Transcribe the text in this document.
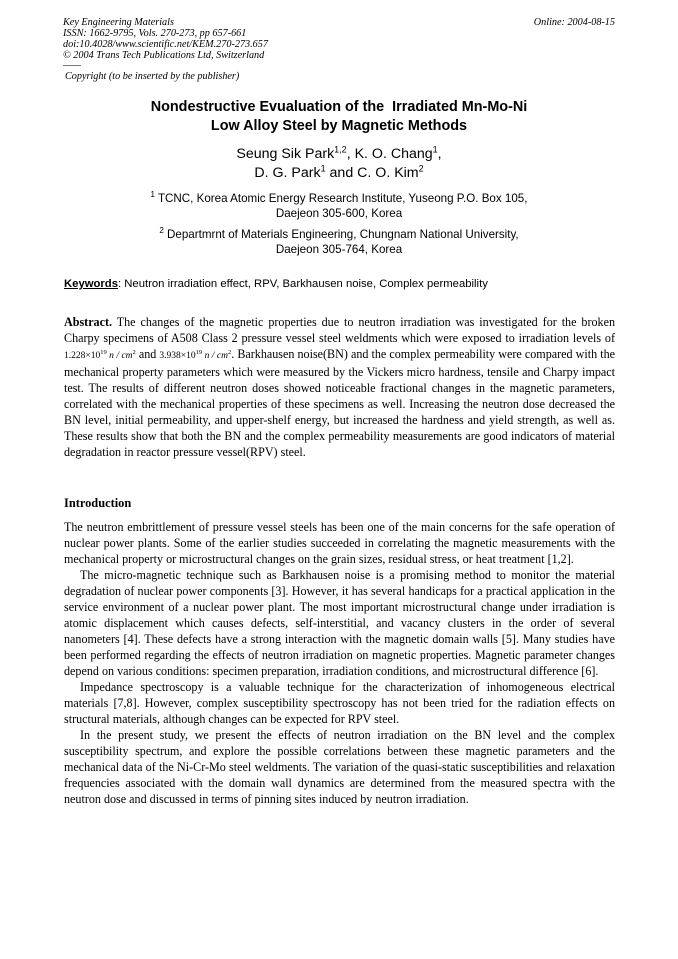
Key Engineering Materials
ISSN: 1662-9795, Vols. 270-273, pp 657-661
doi:10.4028/www.scientific.net/KEM.270-273.657
© 2004 Trans Tech Publications Ltd, Switzerland
Online: 2004-08-15
Copyright (to be inserted by the publisher)
Nondestructive Evualuation of the  Irradiated Mn-Mo-Ni
Low Alloy Steel by Magnetic Methods
Seung Sik Park$^{1,2}$, K. O. Chang$^1$,
D. G. Park$^1$ and C. O. Kim$^2$
$^1$ TCNC, Korea Atomic Energy Research Institute, Yuseong P.O. Box 105,
Daejeon 305-600, Korea
$^2$ Departmrnt of Materials Engineering, Chungnam National University,
Daejeon 305-764, Korea
Keywords: Neutron irradiation effect, RPV, Barkhausen noise, Complex permeability
Abstract. The changes of the magnetic properties due to neutron irradiation was investigated for the broken Charpy specimens of A508 Class 2 pressure vessel steel weldments which were exposed to irradiation levels of $1.228\times 10^{19}$ n / $cm^2$ and $3.938\times 10^{19}$ n / $cm^2$. Barkhausen noise(BN) and the complex permeability were compared with the mechanical property parameters which were measured by the Vickers micro hardness, tensile and Charpy impact test. The results of different neutron doses showed noticeable fractional changes in the magnetic parameters, correlated with the mechanical properties of these specimens as well. Increasing the neutron dose decreased the BN level, initial permeability, and upper-shelf energy, but increased the hardness and yield strength, as well as. These results show that both the BN and the complex permeability measurements are good indicators of material degradation in reactor pressure vessel(RPV) steel.
Introduction

The neutron embrittlement of pressure vessel steels has been one of the main concerns for the safe operation of nuclear power plants. Some of the earlier studies succeeded in correlating the magnetic measurements with the mechanical property or microstructural changes on the grain sizes, residual stress, or heat treatment [1,2].

The micro-magnetic technique such as Barkhausen noise is a promising method to monitor the material degradation of nuclear power components [3]. However, it has several handicaps for a practical application in the service environment of a nuclear power plant. The most important microstructural change under irradiation is atomic displacement which causes defects, self-interstitial, and vacancy clusters in the order of several nanometers [4]. These defects have a strong interaction with the magnetic domain walls [5]. Many studies have been performed regarding the effects of neutron irradiation on magnetic properties. Magnetic parameter changes depend on various conditions: specimen preparation, irradiation conditions, and microstructural difference [6].

Impedance spectroscopy is a valuable technique for the characterization of inhomogeneous electrical materials [7,8]. However, complex susceptibility spectroscopy has not been tried for the radiation effects on structural materials, although changes can be expected for RPV steel.

In the present study, we present the effects of neutron irradiation on the BN level and the complex susceptibility spectrum, and explore the possible correlations between these magnetic parameters and the mechanical data of the Ni-Cr-Mo steel weldments. The variation of the quasi-static susceptibilities and relaxation frequencies associated with the domain wall dynamics are determined from the measured spectra with the neutron dose and discussed in terms of pinning sites induced by neutron irradiation.
